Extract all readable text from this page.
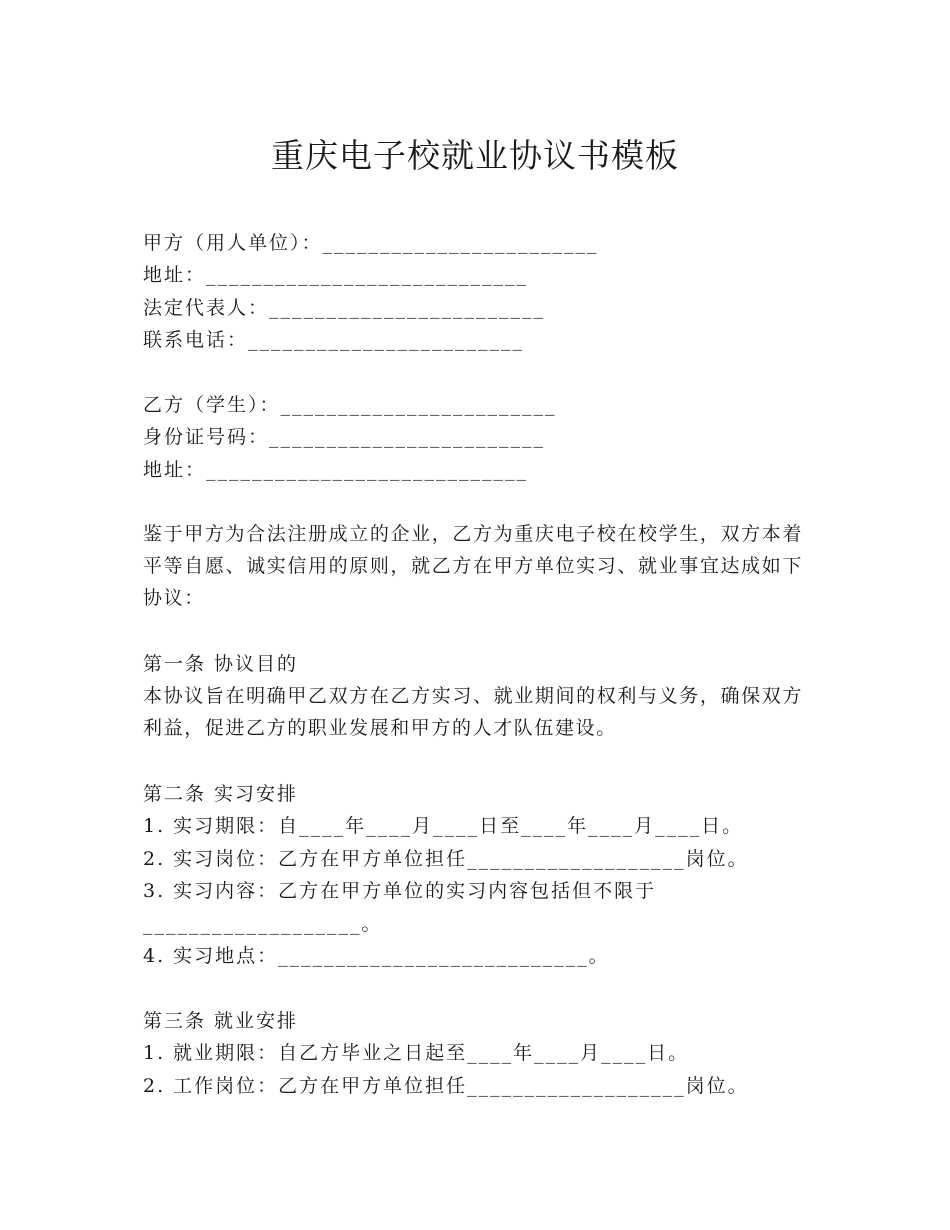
重庆电子校就业协议书模板
甲方（用人单位）：________________________
地址：____________________________
法定代表人：________________________
联系电话：________________________
乙方（学生）：________________________
身份证号码：________________________
地址：____________________________
鉴于甲方为合法注册成立的企业，乙方为重庆电子校在校学生，双方本着平等自愿、诚实信用的原则，就乙方在甲方单位实习、就业事宜达成如下协议：
第一条 协议目的
本协议旨在明确甲乙双方在乙方实习、就业期间的权利与义务，确保双方利益，促进乙方的职业发展和甲方的人才队伍建设。
第二条 实习安排
1. 实习期限：自____年____月____日至____年____月____日。
2. 实习岗位：乙方在甲方单位担任___________________岗位。
3. 实习内容：乙方在甲方单位的实习内容包括但不限于
___________________。
4. 实习地点：___________________________。
第三条 就业安排
1. 就业期限：自乙方毕业之日起至____年____月____日。
2. 工作岗位：乙方在甲方单位担任___________________岗位。
